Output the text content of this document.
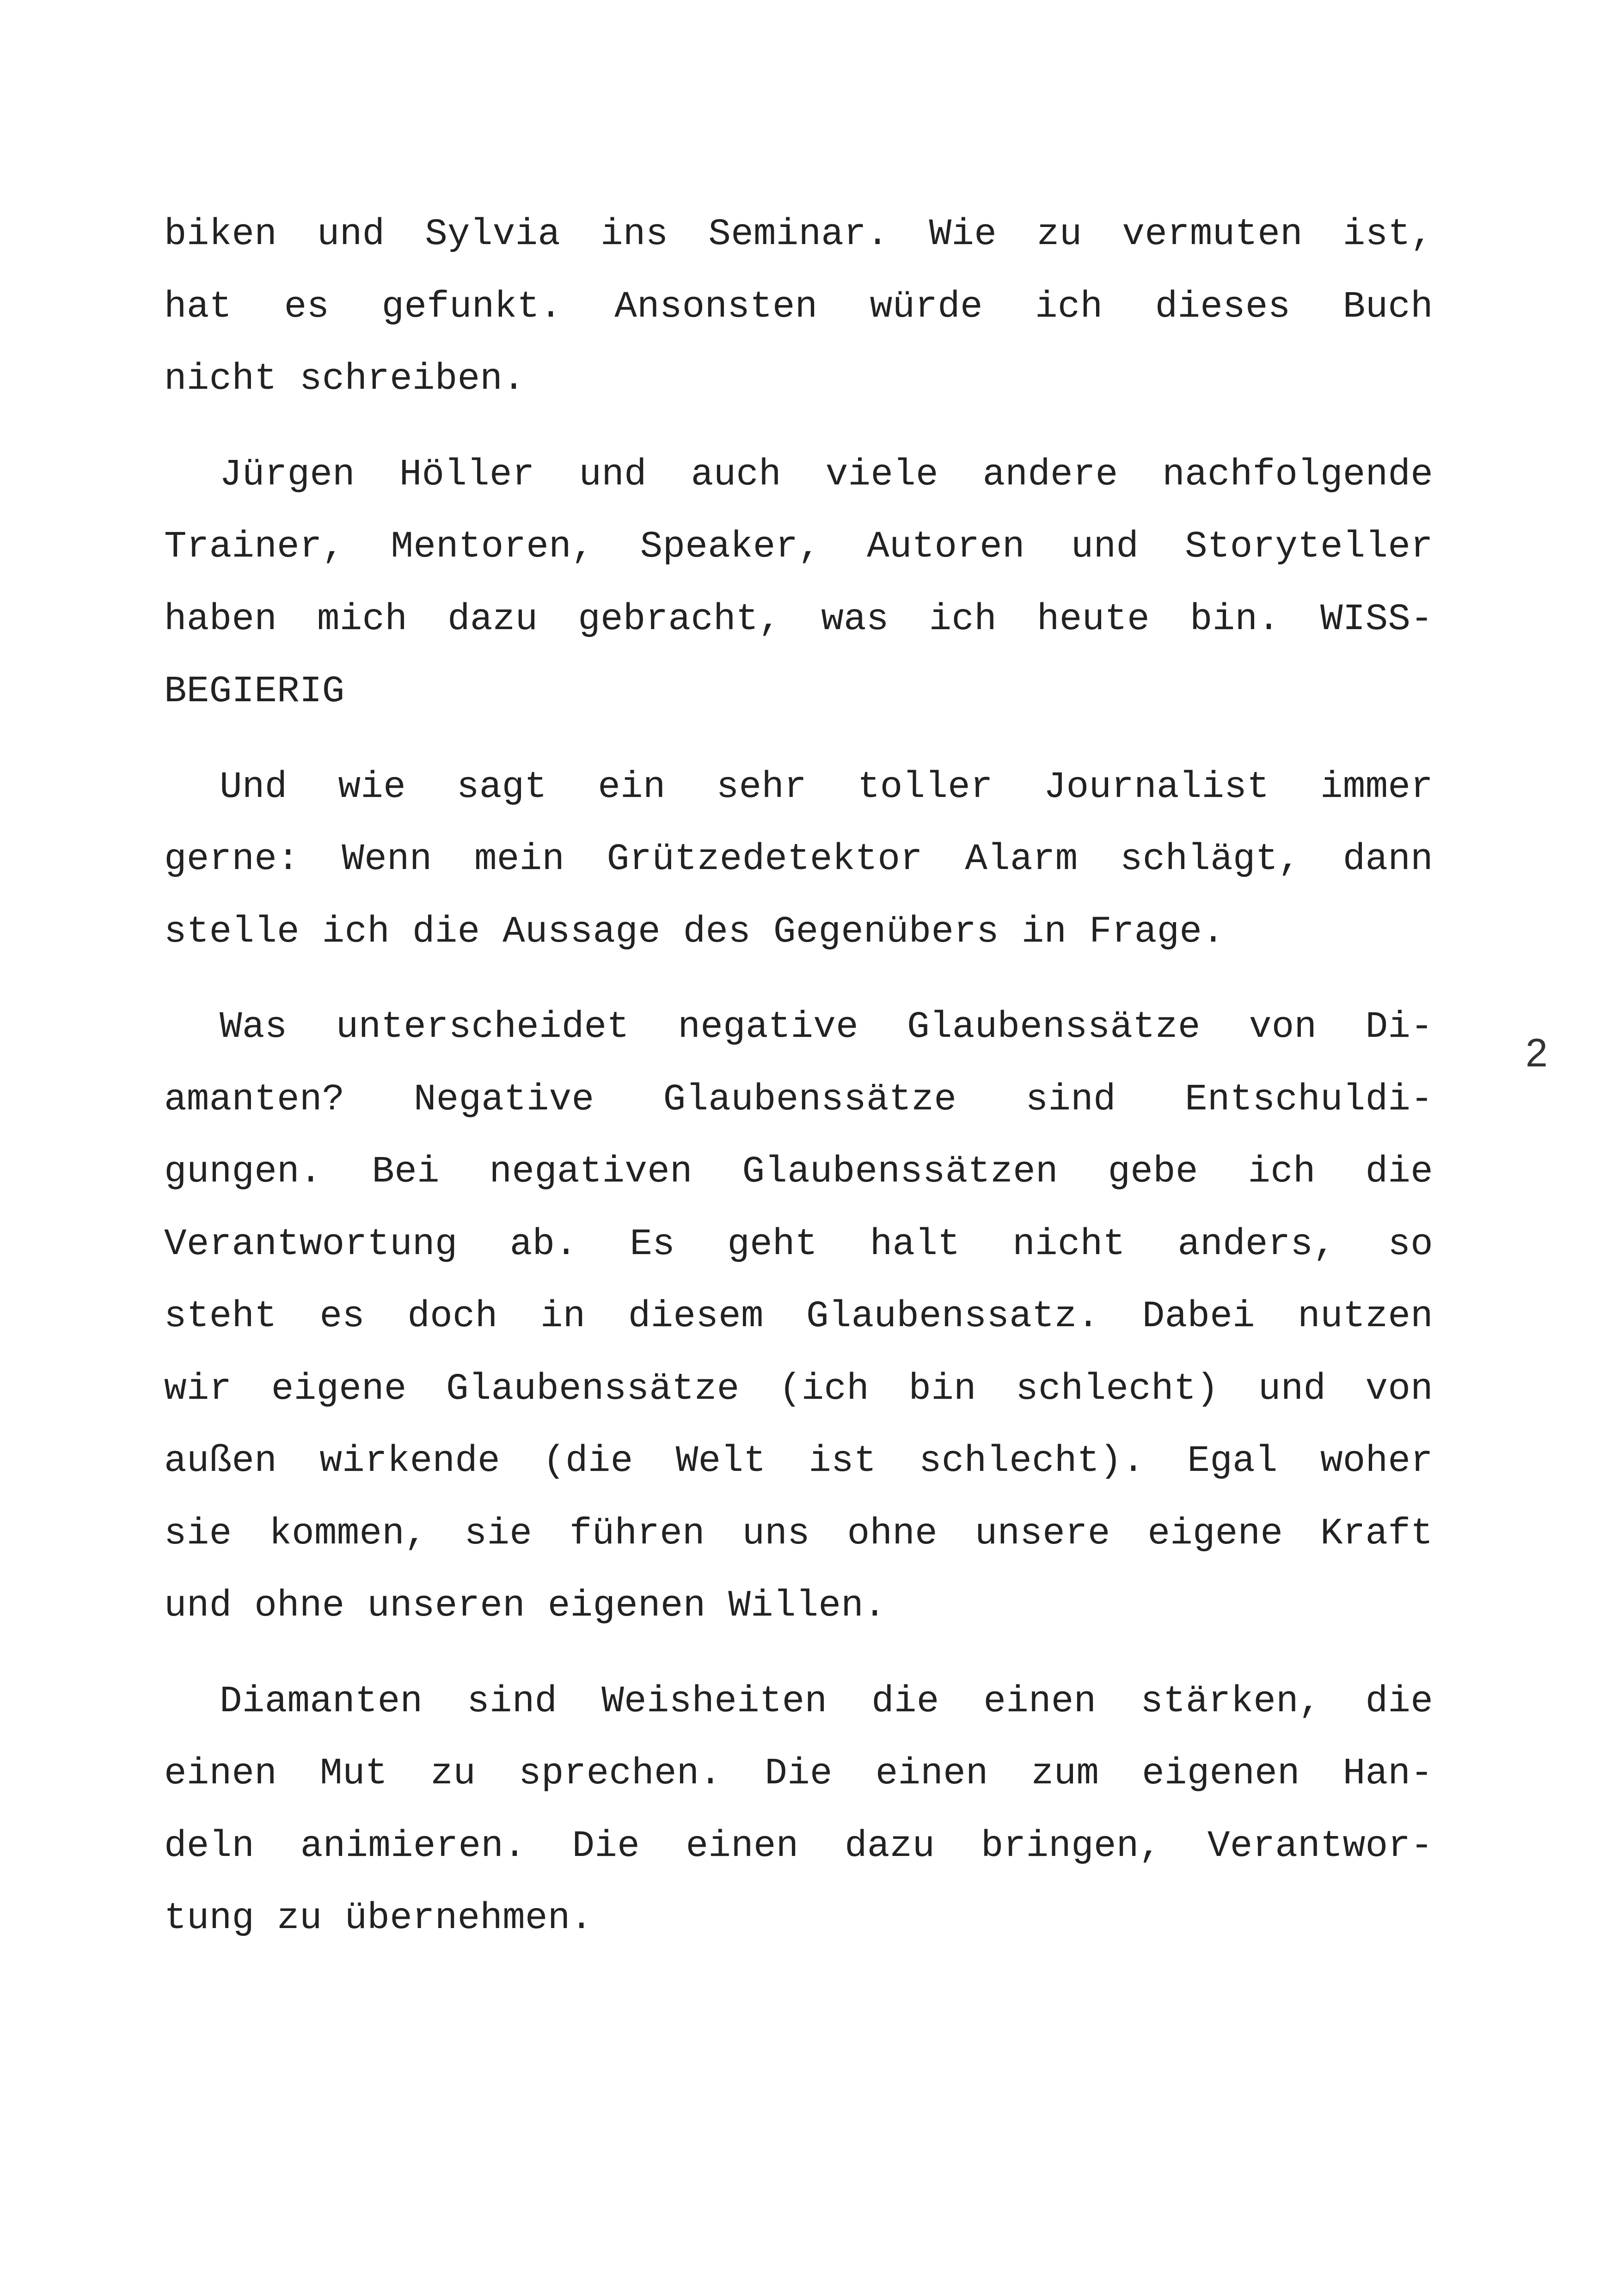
biken und Sylvia ins Seminar. Wie zu vermuten ist,
hat es gefunkt. Ansonsten würde ich dieses Buch
nicht schreiben.

Jürgen Höller und auch viele andere nachfolgende
Trainer, Mentoren, Speaker, Autoren und Storyteller
haben mich dazu gebracht, was ich heute bin. WISS-
BEGIERIG

Und wie sagt ein sehr toller Journalist immer
gerne: Wenn mein Grützedetektor Alarm schlägt, dann
stelle ich die Aussage des Gegenübers in Frage.

Was unterscheidet negative Glaubenssätze von Di-
amanten? Negative Glaubenssätze sind Entschuldi-
gungen. Bei negativen Glaubenssätzen gebe ich die
Verantwortung ab. Es geht halt nicht anders, so
steht es doch in diesem Glaubenssatz. Dabei nutzen
wir eigene Glaubenssätze (ich bin schlecht) und von
außen wirkende (die Welt ist schlecht). Egal woher
sie kommen, sie führen uns ohne unsere eigene Kraft
und ohne unseren eigenen Willen.

Diamanten sind Weisheiten die einen stärken, die
einen Mut zu sprechen. Die einen zum eigenen Han-
deln animieren. Die einen dazu bringen, Verantwor-
tung zu übernehmen.

2
